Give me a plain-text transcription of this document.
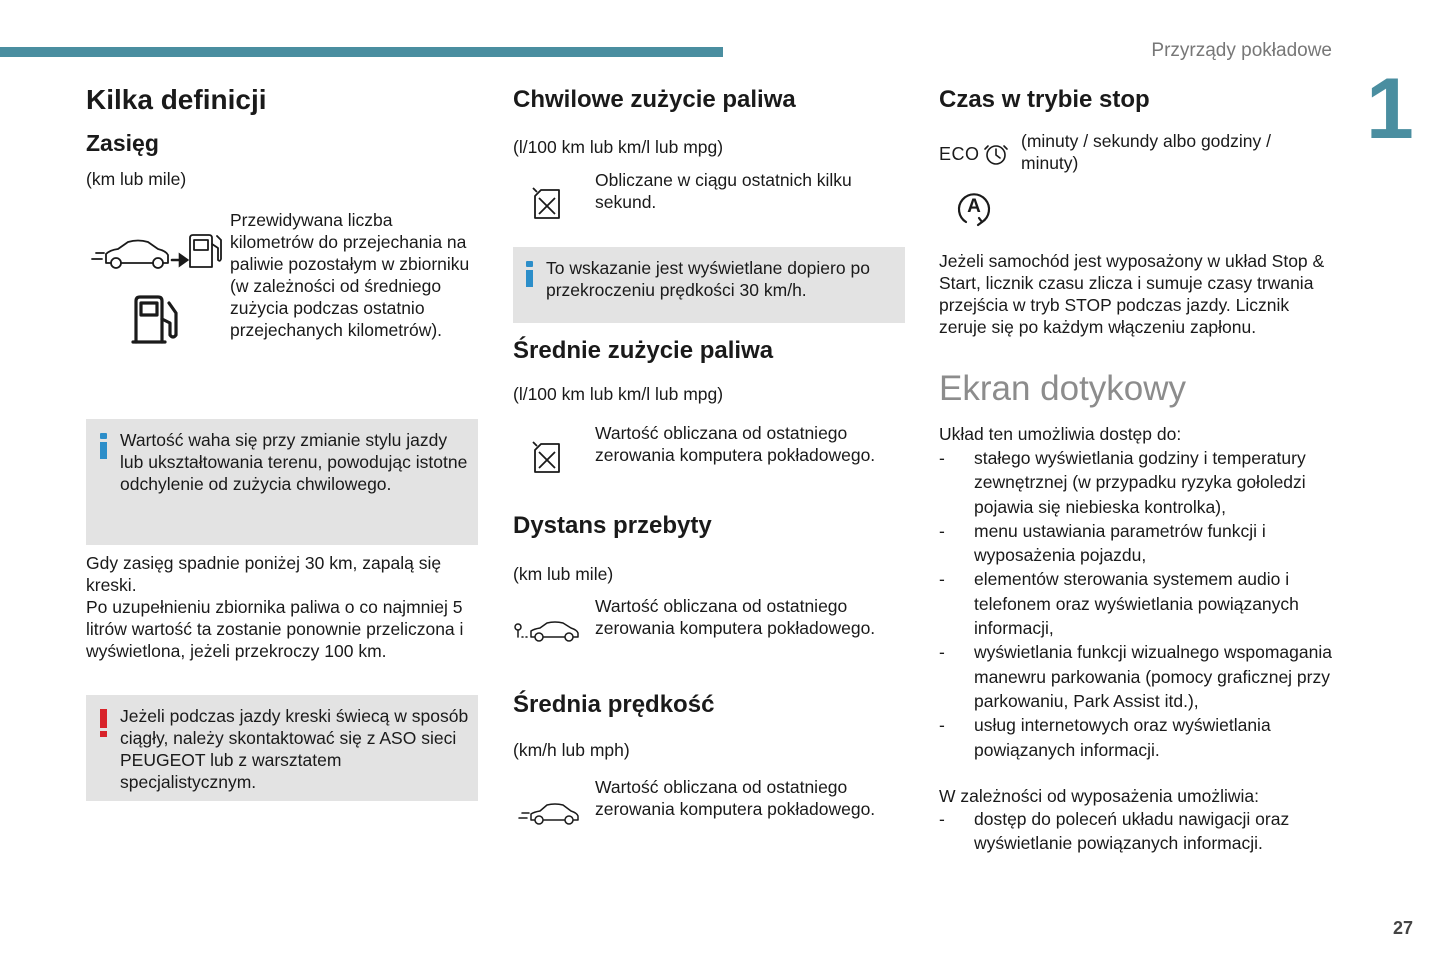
Przyrządy pokładowe
1
27
Kilka definicji
Zasięg
(km lub mile)
Przewidywana liczba kilometrów do przejechania na paliwie pozostałym w zbiorniku (w zależności od średniego zużycia podczas ostatnio przejechanych kilometrów).
Wartość waha się przy zmianie stylu jazdy lub ukształtowania terenu, powodując istotne odchylenie od zużycia chwilowego.
Gdy zasięg spadnie poniżej 30 km, zapalą się kreski.
Po uzupełnieniu zbiornika paliwa o co najmniej 5 litrów wartość ta zostanie ponownie przeliczona i wyświetlona, jeżeli przekroczy 100 km.
Jeżeli podczas jazdy kreski świecą w sposób ciągły, należy skontaktować się z ASO sieci PEUGEOT lub z warsztatem specjalistycznym.
Chwilowe zużycie paliwa
(l/100 km lub km/l lub mpg)
Obliczane w ciągu ostatnich kilku sekund.
To wskazanie jest wyświetlane dopiero po przekroczeniu prędkości 30 km/h.
Średnie zużycie paliwa
(l/100 km lub km/l lub mpg)
Wartość obliczana od ostatniego zerowania komputera pokładowego.
Dystans przebyty
(km lub mile)
Wartość obliczana od ostatniego zerowania komputera pokładowego.
Średnia prędkość
(km/h lub mph)
Wartość obliczana od ostatniego zerowania komputera pokładowego.
Czas w trybie stop
ECO
(minuty / sekundy albo godziny / minuty)
A
Jeżeli samochód jest wyposażony w układ Stop & Start, licznik czasu zlicza i sumuje czasy trwania przejścia w tryb STOP podczas jazdy. Licznik zeruje się po każdym włączeniu zapłonu.
Ekran dotykowy
Układ ten umożliwia dostęp do:
- stałego wyświetlania godziny i temperatury zewnętrznej (w przypadku ryzyka gołoledzi pojawia się niebieska kontrolka),
- menu ustawiania parametrów funkcji i wyposażenia pojazdu,
- elementów sterowania systemem audio i telefonem oraz wyświetlania powiązanych informacji,
- wyświetlania funkcji wizualnego wspomagania manewru parkowania (pomocy graficznej przy parkowaniu, Park Assist itd.),
- usług internetowych oraz wyświetlania powiązanych informacji.
W zależności od wyposażenia umożliwia:
- dostęp do poleceń układu nawigacji oraz wyświetlanie powiązanych informacji.
